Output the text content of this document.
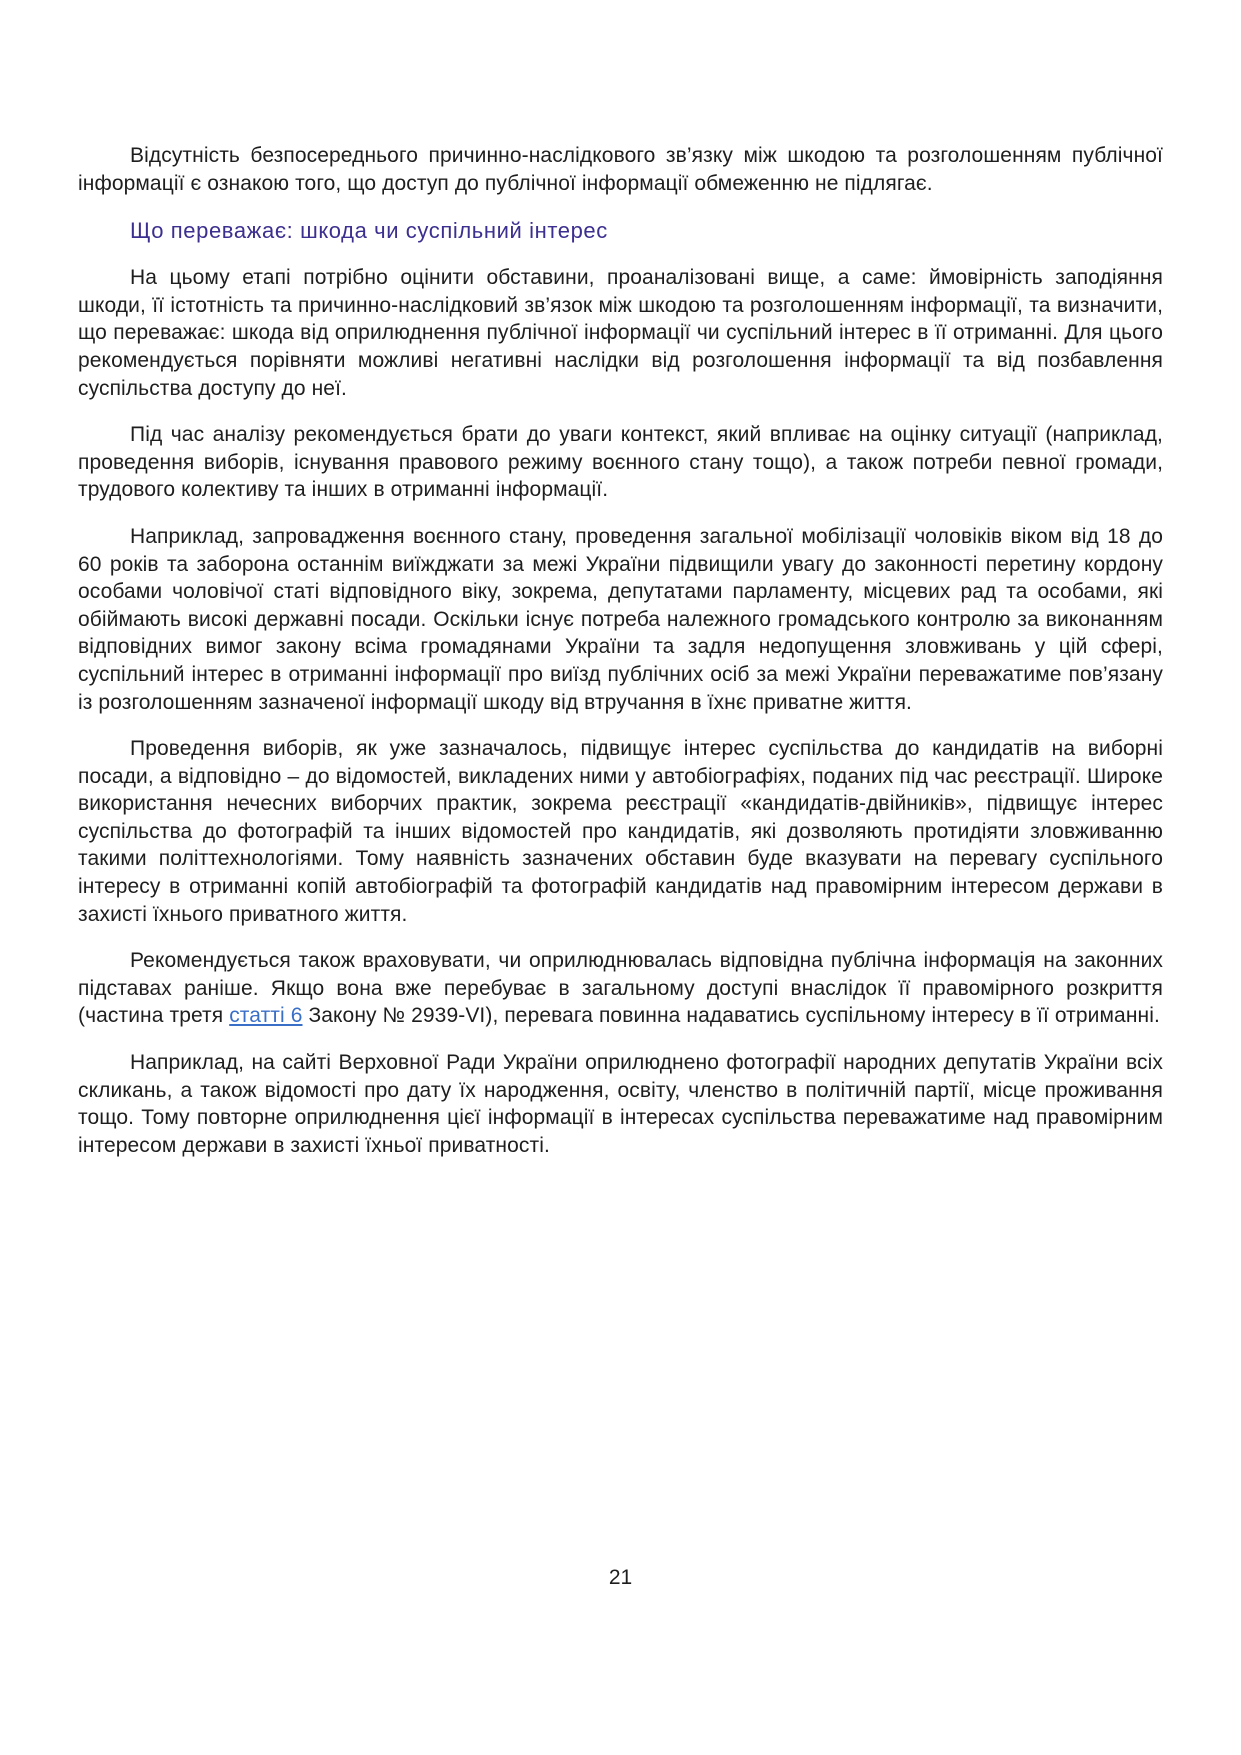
Відсутність безпосереднього причинно-наслідкового зв’язку між шкодою та розголошенням публічної інформації є ознакою того, що доступ до публічної інформації обмеженню не підлягає.

Що переважає: шкода чи суспільний інтерес

На цьому етапі потрібно оцінити обставини, проаналізовані вище, а саме: ймовірність заподіяння шкоди, її істотність та причинно-наслідковий зв’язок між шкодою та розголошенням інформації, та визначити, що переважає: шкода від оприлюднення публічної інформації чи суспільний інтерес в її отриманні. Для цього рекомендується порівняти можливі негативні наслідки від розголошення інформації та від позбавлення суспільства доступу до неї.

Під час аналізу рекомендується брати до уваги контекст, який впливає на оцінку ситуації (наприклад, проведення виборів, існування правового режиму воєнного стану тощо), а також потреби певної громади, трудового колективу та інших в отриманні інформації.

Наприклад, запровадження воєнного стану, проведення загальної мобілізації чоловіків віком від 18 до 60 років та заборона останнім виїжджати за межі України підвищили увагу до законності перетину кордону особами чоловічої статі відповідного віку, зокрема, депутатами парламенту, місцевих рад та особами, які обіймають високі державні посади. Оскільки існує потреба належного громадського контролю за виконанням відповідних вимог закону всіма громадянами України та задля недопущення зловживань у цій сфері, суспільний інтерес в отриманні інформації про виїзд публічних осіб за межі України переважатиме пов’язану із розголошенням зазначеної інформації шкоду від втручання в їхнє приватне життя.

Проведення виборів, як уже зазначалось, підвищує інтерес суспільства до кандидатів на виборні посади, а відповідно – до відомостей, викладених ними у автобіографіях, поданих під час реєстрації. Широке використання нечесних виборчих практик, зокрема реєстрації «кандидатів-двійників», підвищує інтерес суспільства до фотографій та інших відомостей про кандидатів, які дозволяють протидіяти зловживанню такими політтехнологіями. Тому наявність зазначених обставин буде вказувати на перевагу суспільного інтересу в отриманні копій автобіографій та фотографій кандидатів над правомірним інтересом держави в захисті їхнього приватного життя.

Рекомендується також враховувати, чи оприлюднювалась відповідна публічна інформація на законних підставах раніше. Якщо вона вже перебуває в загальному доступі внаслідок її правомірного розкриття (частина третя статті 6 Закону № 2939-VI), перевага повинна надаватись суспільному інтересу в її отриманні.

Наприклад, на сайті Верховної Ради України оприлюднено фотографії народних депутатів України всіх скликань, а також відомості про дату їх народження, освіту, членство в політичній партії, місце проживання тощо. Тому повторне оприлюднення цієї інформації в інтересах суспільства переважатиме над правомірним інтересом держави в захисті їхньої приватності.

21
